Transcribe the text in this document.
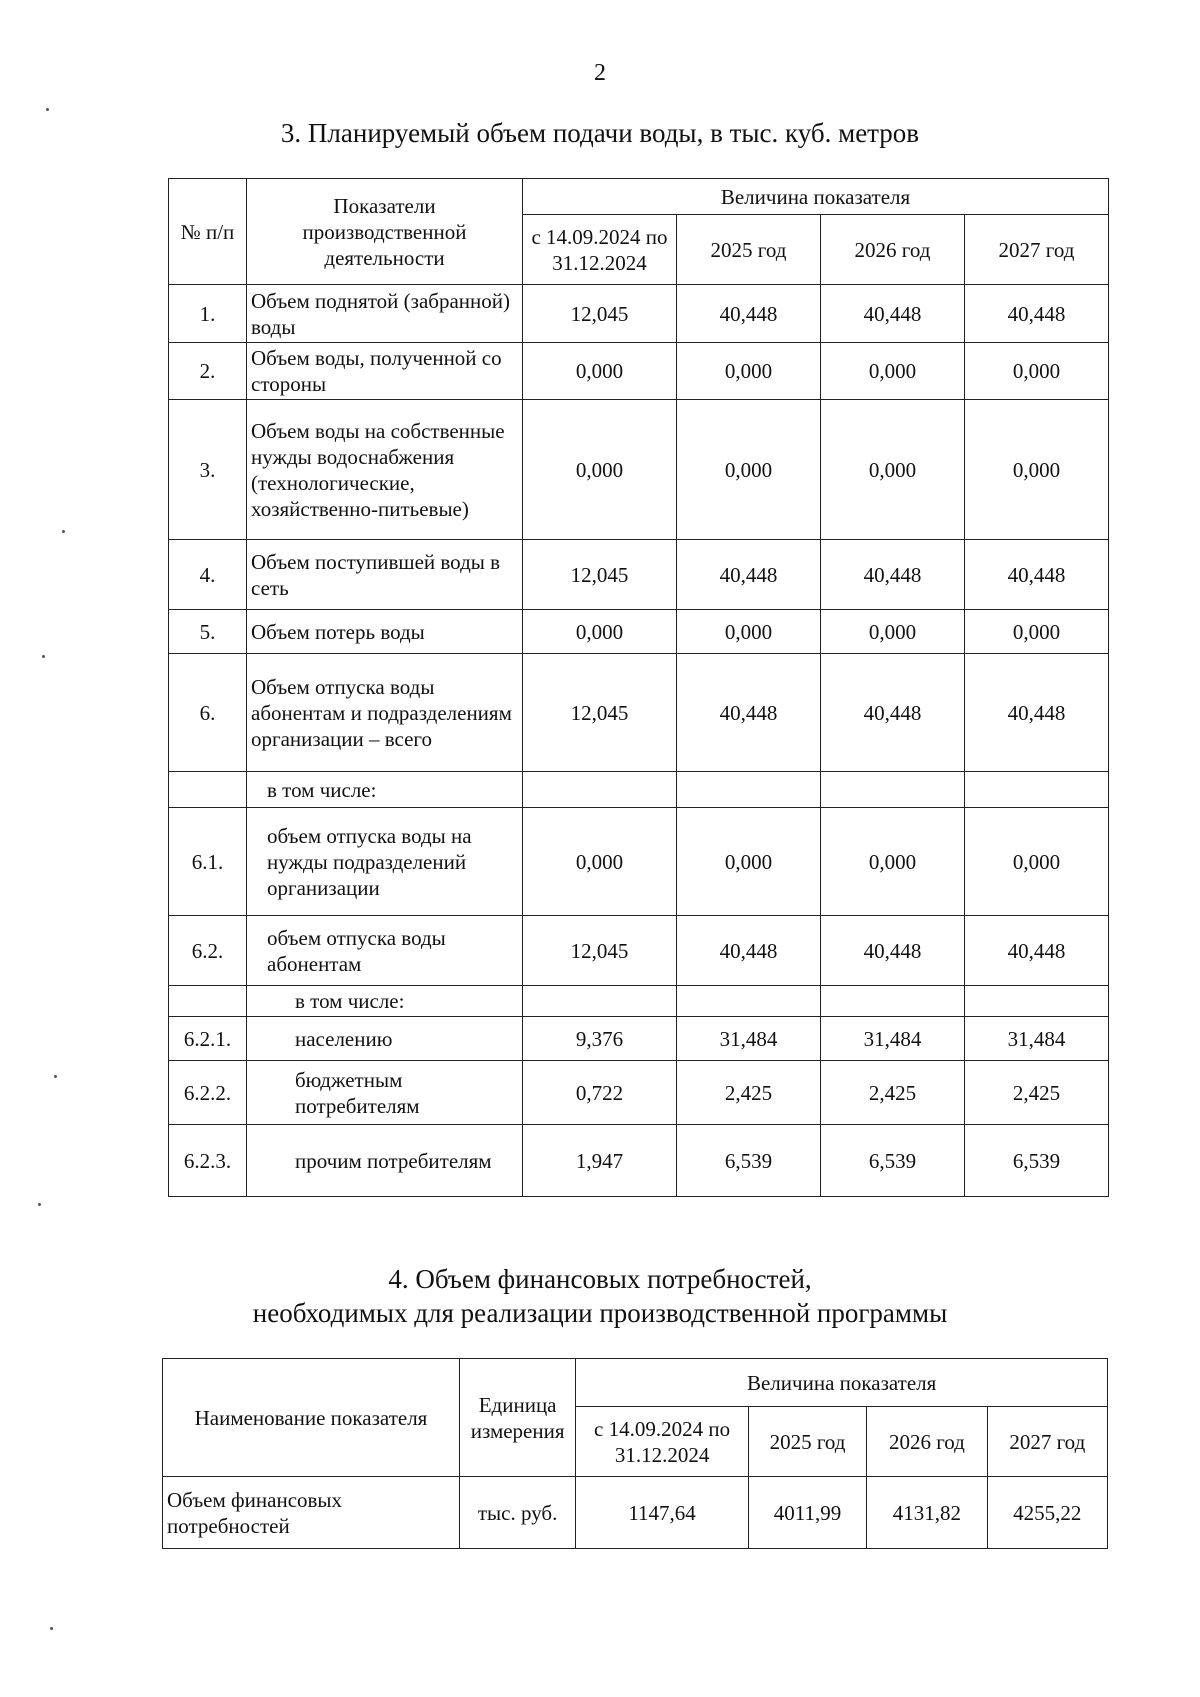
2
3. Планируемый объем подачи воды, в тыс. куб. метров
№ п/п	Показатели производственной деятельности	Величина показателя			
		с 14.09.2024 по 31.12.2024	2025 год	2026 год	2027 год
1.	Объем поднятой (забранной) воды	12,045	40,448	40,448	40,448
2.	Объем воды, полученной со стороны	0,000	0,000	0,000	0,000
3.	Объем воды на собственные нужды водоснабжения (технологические, хозяйственно-питьевые)	0,000	0,000	0,000	0,000
4.	Объем поступившей воды в сеть	12,045	40,448	40,448	40,448
5.	Объем потерь воды	0,000	0,000	0,000	0,000
6.	Объем отпуска воды абонентам и подразделениям организации – всего	12,045	40,448	40,448	40,448
	в том числе:				
6.1.	объем отпуска воды на нужды подразделений организации	0,000	0,000	0,000	0,000
6.2.	объем отпуска воды абонентам	12,045	40,448	40,448	40,448
	в том числе:				
6.2.1.	населению	9,376	31,484	31,484	31,484
6.2.2.	бюджетным потребителям	0,722	2,425	2,425	2,425
6.2.3.	прочим потребителям	1,947	6,539	6,539	6,539
4. Объем финансовых потребностей,
необходимых для реализации производственной программы
Наименование показателя	Единица измерения	Величина показателя			
		с 14.09.2024 по 31.12.2024	2025 год	2026 год	2027 год
Объем финансовых потребностей	тыс. руб.	1147,64	4011,99	4131,82	4255,22
